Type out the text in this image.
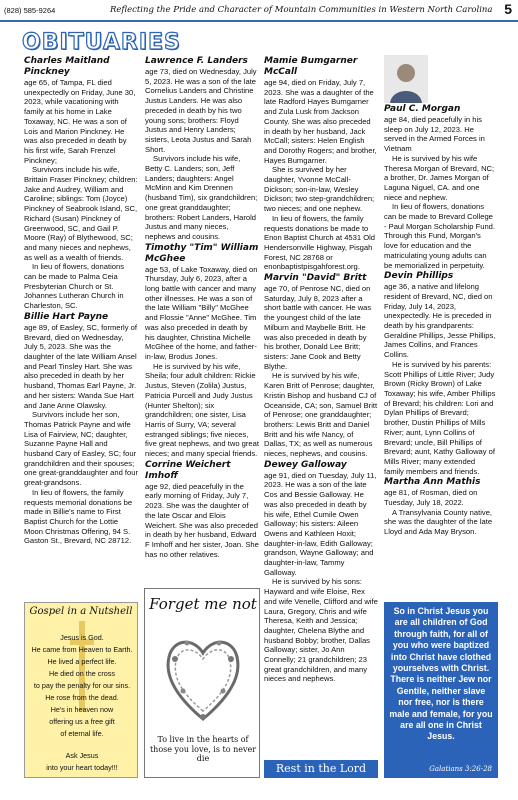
(828) 585-9264	Reflecting the Pride and Character of Mountain Communities in Western North Carolina 5
OBITUARIES
Charles Maitland Pinckney

age 65, of Tampa, FL died unexpectedly on Friday, June 30, 2023, while vacationing with family at his home in Lake Toxaway, NC. He was a son of Lois and Marion Pinckney. He was also preceded in death by his first wife, Sarah Frenzel Pinckney;

Survivors include his wife, Brittain Fraser Pinckney; children: Jake and Audrey, William and Caroline; siblings: Tom (Joyce) Pinckney of Seabrook Island, SC, Richard (Susan) Pinckney of Greenwood, SC, and Gail P. Moore (Ray) of Blythewood, SC; and many nieces and nephews, as well as a wealth of friends.

In lieu of flowers, donations can be made to Palma Ceia Presbyterian Church or St. Johannes Lutheran Church in Charleston, SC.

Billie Hart Payne

age 89, of Easley, SC, formerly of Brevard, died on Wednesday, July 5, 2023. She was the daughter of the late William Ansel and Pearl Tinsley Hart. She was also preceded in death by her husband, Thomas Earl Payne, Jr. and her sisters: Wanda Sue Hart and Jane Anne Olawsky.

Survivors include her son, Thomas Patrick Payne and wife Lisa of Fairview, NC; daughter, Suzanne Payne Hall and husband Cary of Easley, SC; four grandchildren and their spouses; one great-granddaughter and four great-grandsons.

In lieu of flowers, the family requests memorial donations be made in Billie's name to First Baptist Church for the Lottie Moon Christmas Offering, 94 S. Gaston St., Brevard, NC 28712.

Lawrence F. Landers

age 73, died on Wednesday, July 5, 2023. He was a son of the late Cornelius Landers and Christine Justus Landers. He was also preceded in death by his two young sons; brothers: Floyd Justus and Henry Landers; sisters, Leota Justus and Sarah Short.

Survivors include his wife, Betty C. Landers; son, Jeff Landers; daughters: Angel McMinn and Kim Drennen (husband Tim), six grandchildren; one great granddaughter; brothers: Robert Landers, Harold Justus and many nieces, nephews and cousins.

Timothy "Tim" William McGhee

age 53, of Lake Toxaway, died on Thursday, July 6, 2023, after a long battle with cancer and many other illnesses. He was a son of the late William "Billy" McGhee and Flossie "Anne" McGhee. Tim was also preceded in death by his daughter, Christina Michelle McGhee of the home, and father-in-law, Brodus Jones.

He is survived by his wife, Sheila; four adult children: Rickie Justus, Steven (Zolila) Justus, Patricia Purcell and Judy Justus (Hunter Shelton); six grandchildren; one sister, Lisa Harris of Surry, VA; several estranged siblings; five nieces, five great nephews, and two great nieces; and many special friends.

Corrine Weichert Imhoff

age 92, died peacefully in the early morning of Friday, July 7, 2023. She was the daughter of the late Oscar and Elois Weichert. She was also preceded in death by her husband, Edward F Imhoff and her sister, Joan. She has no other relatives.

Mamie Bumgarner McCall

age 94, died on Friday, July 7, 2023. She was a daughter of the late Radford Hayes Bumgarner and Zula Lusk from Jackson County. She was also preceded in death by her husband, Jack McCall; sisters: Helen English and Dorothy Rogers; and brother, Hayes Bumgarner.

She is survived by her daughter, Yvonne McCall-Dickson; son-in-law, Wesley Dickson; two step-grandchildren; two nieces; and one nephew.

In lieu of flowers, the family requests donations be made to Enon Baptist Church at 4531 Old Hendersonville Highway, Pisgah Forest, NC 28768 or enonbaptistpisgahforest.org.

Marvin "David" Britt

age 70, of Penrose NC, died on Saturday, July 8, 2023 after a short battle with cancer. He was the youngest child of the late Milburn and Maybelle Britt. He was also preceded in death by his brother, Donald Lee Britt; sisters: Jane Cook and Betty Blythe.

He is survived by his wife, Karen Britt of Penrose; daughter, Kristin Bishop and husband CJ of Oceanside, CA; son, Samuel Britt of Penrose; one granddaughter; brothers: Lewis Britt and Daniel Britt and his wife Nancy, of Dallas, TX; as well as numerous nieces, nephews, and cousins.

Dewey Galloway

age 91, died on Tuesday, July 11, 2023. He was a son of the late Cos and Bessie Galloway. He was also preceded in death by his wife, Ethel Cumile Owen Galloway; his sisters: Aileen Owens and Kathleen Hoxit; daughter-in-law, Edith Galloway; grandson, Wayne Galloway; and daughter-in-law, Tammy Galloway.

He is survived by his sons: Hayward and wife Eloise, Rex and wife Venelle, Clifford and wife Laura, Gregory, Chris and wife Theresa, Keith and Jessica; daughter, Chelena Blythe and husband Bobby; brother, Dallas Galloway; sister, Jo Ann Connelly; 21 grandchildren; 23 great grandchildren, and many nieces and nephews.

Paul C. Morgan

age 84, died peacefully in his sleep on July 12, 2023. He served in the Armed Forces in Vietnam

He is survived by his wife Theresa Morgan of Brevard, NC; a brother, Dr. James Morgan of Laguna Niguel, CA. and one niece and nephew.

In lieu of flowers, donations can be made to Brevard College - Paul Morgan Scholarship Fund. Through this Fund, Morgan's love for education and the matriculating young adults can be memorialized in perpetuity.

Devin Phillips

age 36, a native and lifelong resident of Brevard, NC, died on Friday, July 14, 2023, unexpectedly. He is preceded in death by his grandparents: Geraldine Phillips, Jesse Phillips, James Collins, and Frances Collins.

He is survived by his parents: Scott Phillips of Little River; Judy Brown (Ricky Brown) of Lake Toxaway; his wife, Amber Phillips of Brevard; his children: Lori and Dylan Phillips of Brevard; brother, Dustin Phillips of Mills River; aunt, Lynn Collins of Brevard; uncle, Bill Phillips of Brevard; aunt, Kathy Galloway of Mills River; many extended family members and friends.

Martha Ann Mathis

age 81, of Rosman, died on Tuesday, July 18, 2022.

A Transylvania County native, she was the daughter of the late Lloyd and Ada May Bryson.

Gospel in a Nutshell
Jesus is God.
He came from Heaven to Earth.
He lived a perfect life.
He died on the cross
to pay the penalty for our sins.
He rose from the dead.
He's in heaven now
offering us a free gift
of eternal life.
Ask Jesus
into your heart today!!!
Forget me not
To live in the hearts of those you love, is to never die
Rest in the Lord
So in Christ Jesus you are all children of God through faith, for all of you who were baptized into Christ have clothed yourselves with Christ. There is neither Jew nor Gentile, neither slave nor free, nor is there male and female, for you are all one in Christ Jesus.
Galatians 3:26-28
